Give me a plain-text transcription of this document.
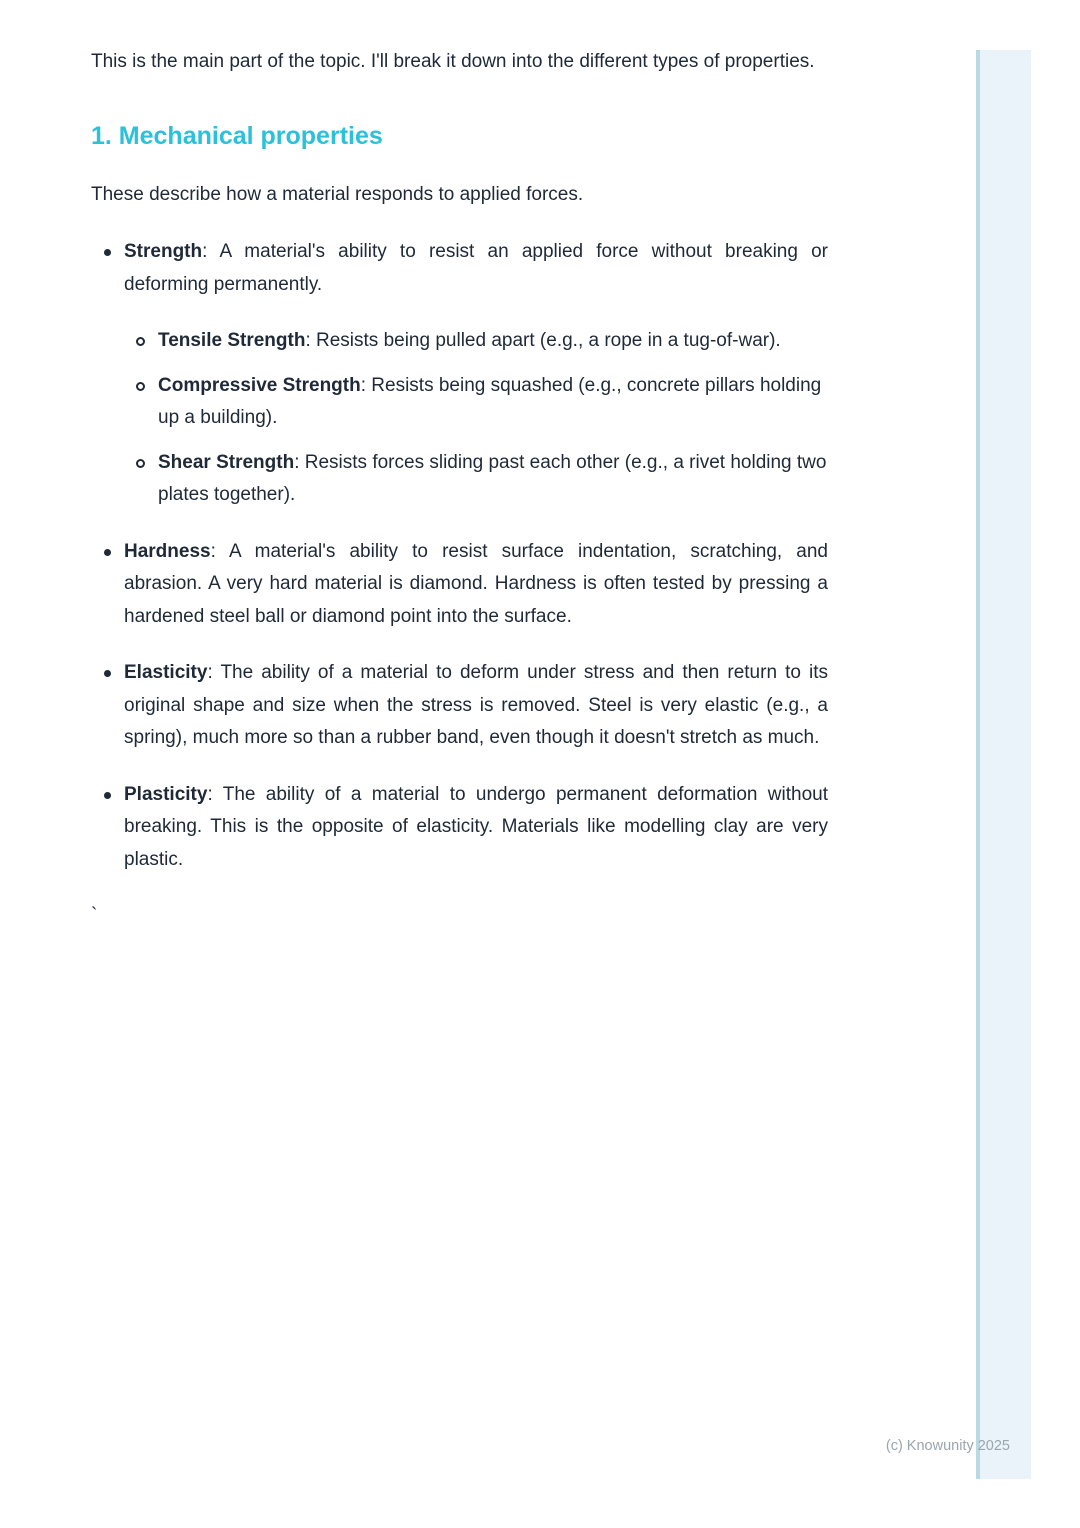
This is the main part of the topic. I'll break it down into the different types of properties.

1. Mechanical properties

These describe how a material responds to applied forces.

Strength: A material's ability to resist an applied force without breaking or deforming permanently.
Tensile Strength: Resists being pulled apart (e.g., a rope in a tug-of-war).
Compressive Strength: Resists being squashed (e.g., concrete pillars holding up a building).
Shear Strength: Resists forces sliding past each other (e.g., a rivet holding two plates together).
Hardness: A material's ability to resist surface indentation, scratching, and abrasion. A very hard material is diamond. Hardness is often tested by pressing a hardened steel ball or diamond point into the surface.
Elasticity: The ability of a material to deform under stress and then return to its original shape and size when the stress is removed. Steel is very elastic (e.g., a spring), much more so than a rubber band, even though it doesn't stretch as much.
Plasticity: The ability of a material to undergo permanent deformation without breaking. This is the opposite of elasticity. Materials like modelling clay are very plastic.

`

(c) Knowunity 2025
